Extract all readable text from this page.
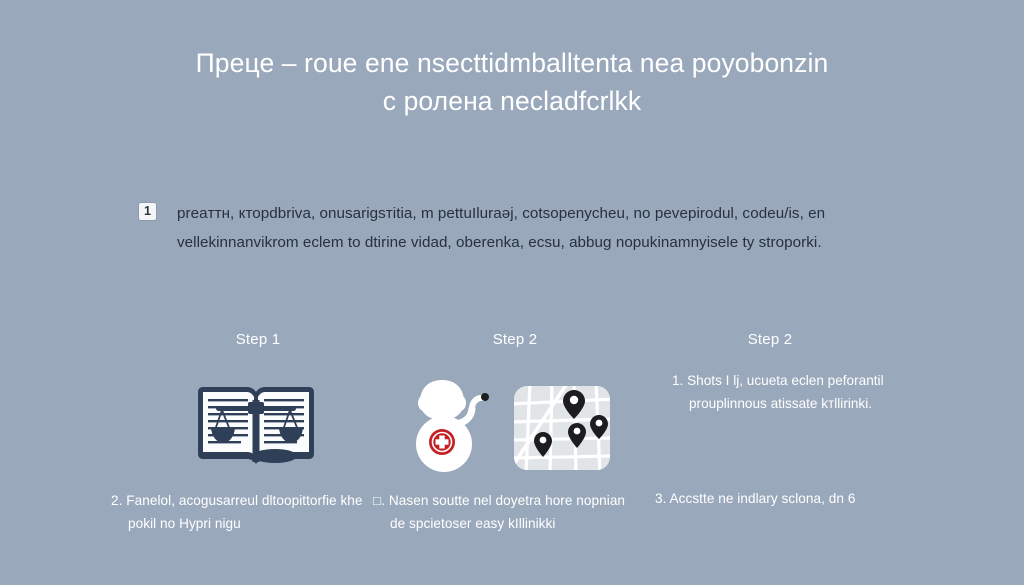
Преце – roue ene nsecttidmballtenta nea poyobonzin
с ролена necladfcrlkk
1	preaттн, кторdbriva, onusarigsтitia, m pettuIluraǝj, cotsopenycheu, no pevepirodul, соdeu/is, en vellekinnanvikrom eclem to dtirine vidad, oberenka, ecsu, abbug nopukinamnyisele ty stroporki.
Step 1
2. Fanelol, acogusarreul dltoopittorfie khe pokil no Hypri nigu
Step 2
□. Nasen soutte nel doyetra hore nopnian de spcietoser easy kIllinikki
Step 2
1. Shots I lj, ucueta eclen peforantil prouplinnous atissate kтllirinki.
3. Accstte ne indlary sclona, dn 6
